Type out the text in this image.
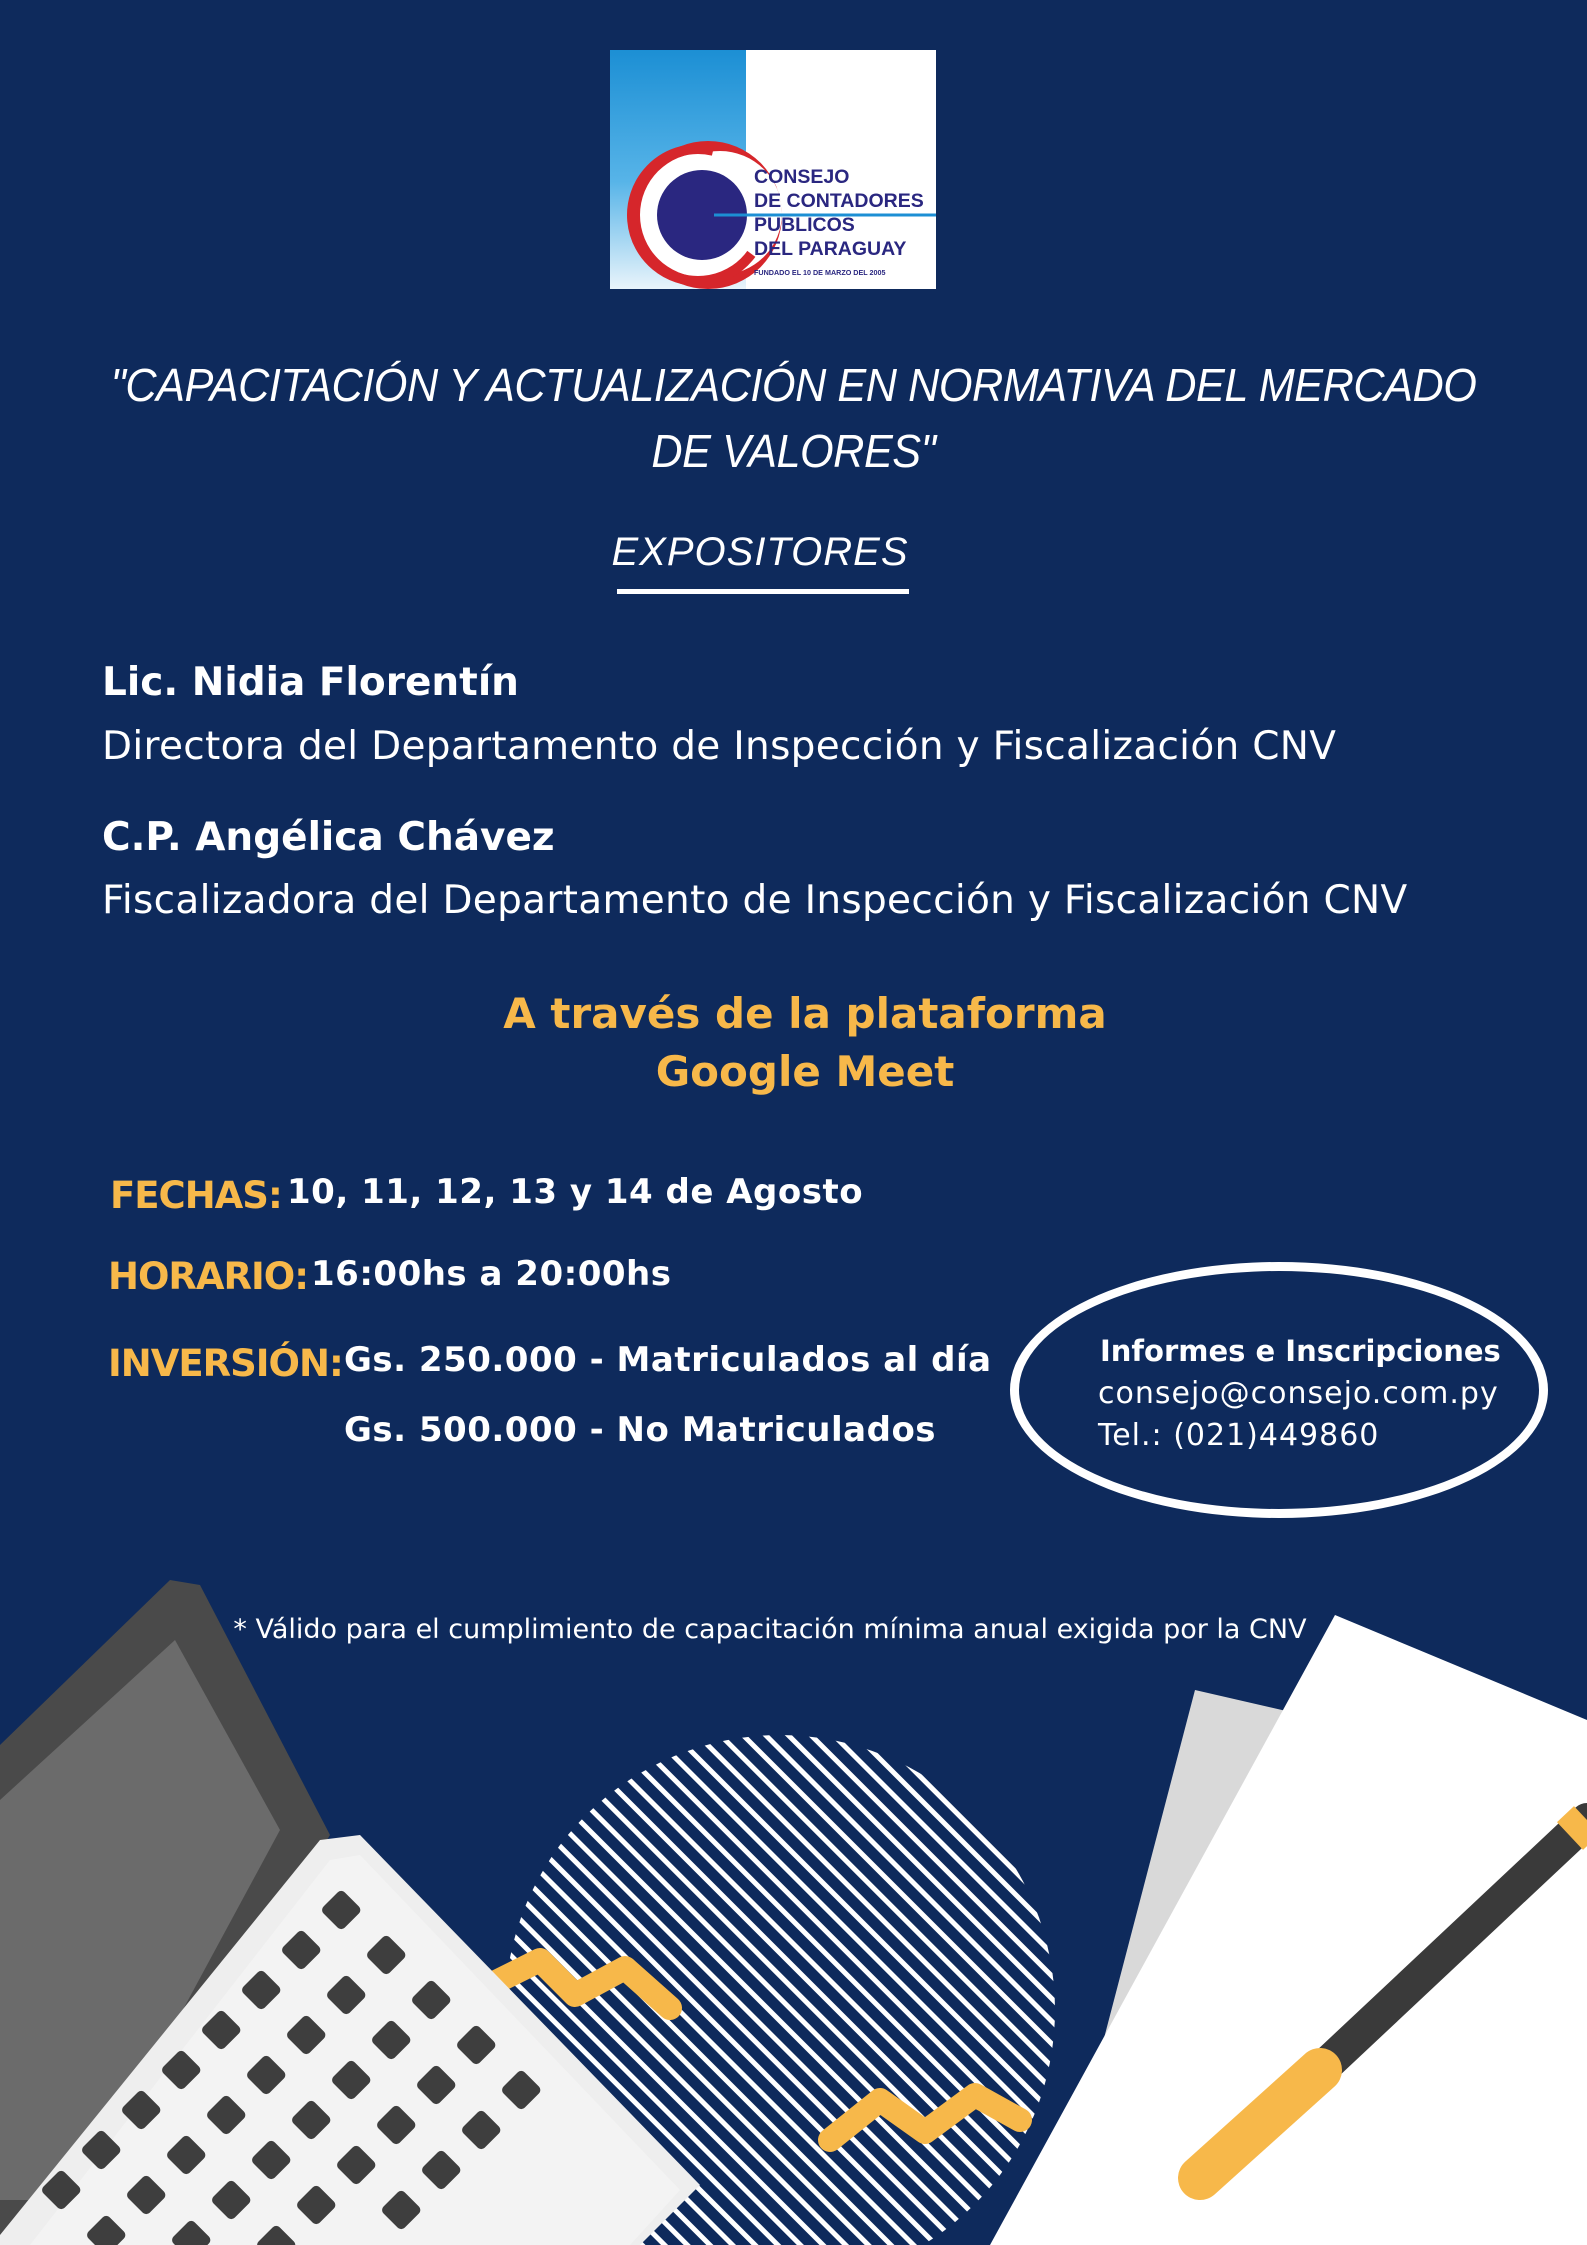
CONSEJO
DE CONTADORES
PUBLICOS
DEL PARAGUAY
FUNDADO EL 10 DE MARZO DEL 2005
"CAPACITACIÓN Y ACTUALIZACIÓN EN NORMATIVA DEL MERCADO DE VALORES"
EXPOSITORES
Lic. Nidia Florentín
Directora del Departamento de Inspección y Fiscalización CNV
C.P. Angélica Chávez
Fiscalizadora del Departamento de Inspección y Fiscalización CNV
A través de la plataforma
Google Meet
FECHAS: 10, 11, 12, 13 y 14 de Agosto
HORARIO: 16:00hs a 20:00hs
INVERSIÓN: Gs. 250.000 - Matriculados al día
Gs. 500.000 - No Matriculados
Informes e Inscripciones
consejo@consejo.com.py
Tel.: (021)449860
* Válido para el cumplimiento de capacitación mínima anual exigida por la CNV
